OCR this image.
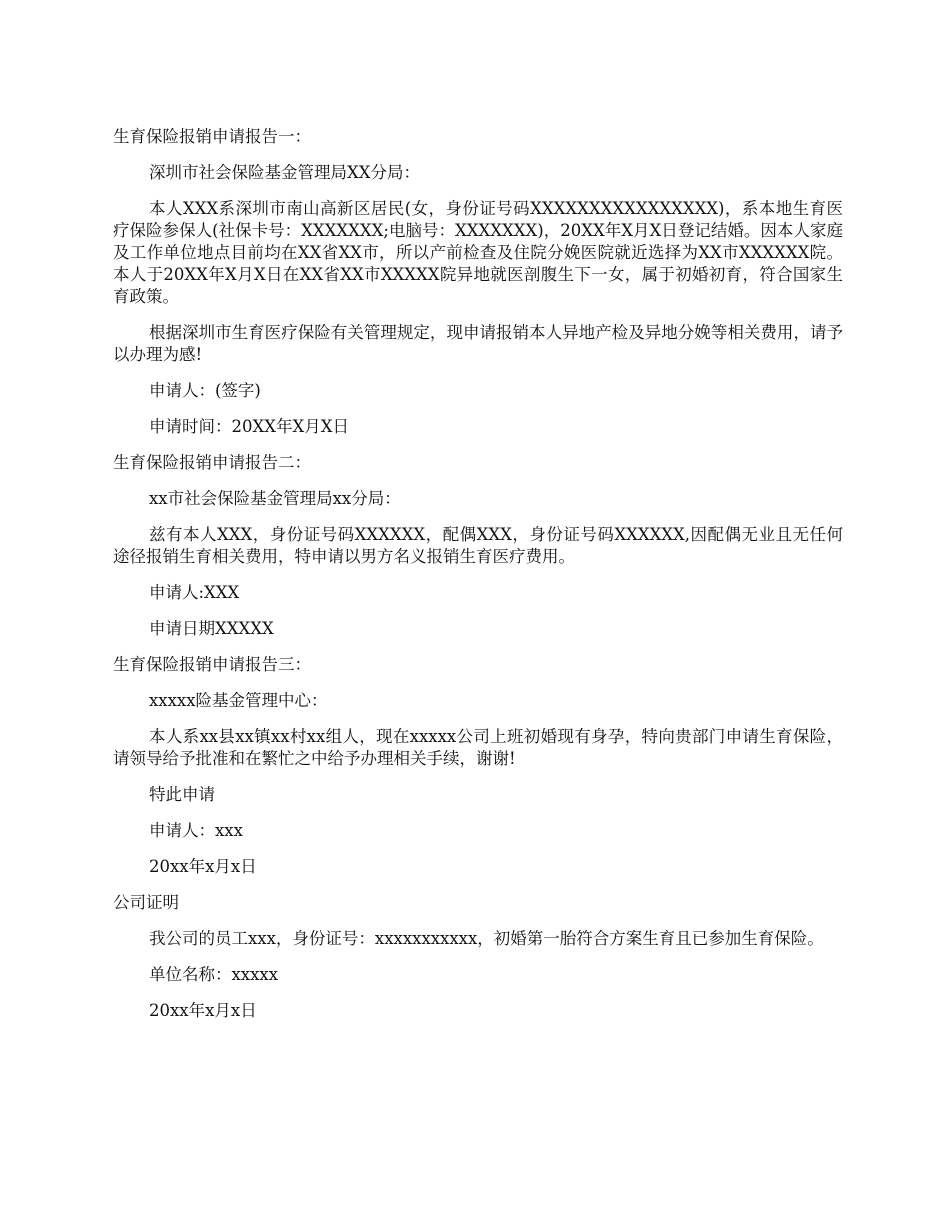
生育保险报销申请报告一：

深圳市社会保险基金管理局XX分局：

本人XXX系深圳市南山高新区居民(女，身份证号码XXXXXXXXXXXXXXXX)，系本地生育医疗保险参保人(社保卡号：XXXXXXX;电脑号：XXXXXXX)，20XX年X月X日登记结婚。因本人家庭及工作单位地点目前均在XX省XX市，所以产前检查及住院分娩医院就近选择为XX市XXXXXX院。本人于20XX年X月X日在XX省XX市XXXXX院异地就医剖腹生下一女，属于初婚初育，符合国家生育政策。

根据深圳市生育医疗保险有关管理规定，现申请报销本人异地产检及异地分娩等相关费用，请予以办理为感!

申请人：(签字)

申请时间：20XX年X月X日

生育保险报销申请报告二：

xx市社会保险基金管理局xx分局：

兹有本人XXX，身份证号码XXXXXX，配偶XXX，身份证号码XXXXXX,因配偶无业且无任何途径报销生育相关费用，特申请以男方名义报销生育医疗费用。

申请人:XXX

申请日期XXXXX

生育保险报销申请报告三：

xxxxx险基金管理中心：

本人系xx县xx镇xx村xx组人，现在xxxxx公司上班初婚现有身孕，特向贵部门申请生育保险，请领导给予批准和在繁忙之中给予办理相关手续，谢谢!

特此申请

申请人：xxx

20xx年x月x日

公司证明

我公司的员工xxx，身份证号：xxxxxxxxxxx，初婚第一胎符合方案生育且已参加生育保险。

单位名称：xxxxx

20xx年x月x日
